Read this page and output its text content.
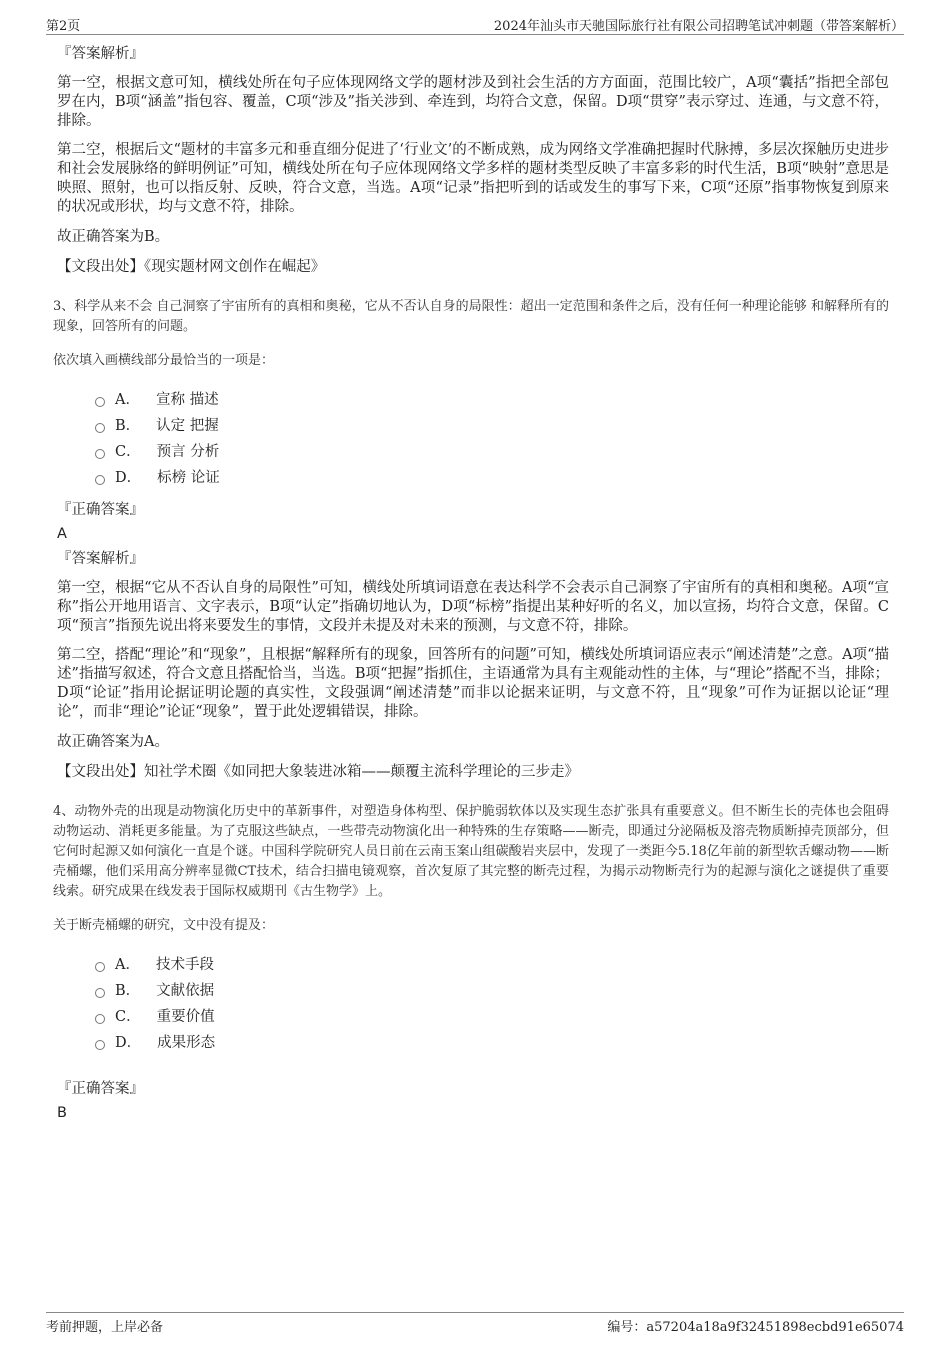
第2页	2024年汕头市天驰国际旅行社有限公司招聘笔试冲刺题（带答案解析）
『答案解析』
第一空，根据文意可知，横线处所在句子应体现网络文学的题材涉及到社会生活的方方面面，范围比较广，A项“囊括”指把全部包罗在内，B项“涵盖”指包容、覆盖，C项“涉及”指关涉到、牵连到，均符合文意，保留。D项“贯穿”表示穿过、连通，与文意不符，排除。
第二空，根据后文“题材的丰富多元和垂直细分促进了‘行业文’的不断成熟，成为网络文学准确把握时代脉搏，多层次探触历史进步和社会发展脉络的鲜明例证”可知，横线处所在句子应体现网络文学多样的题材类型反映了丰富多彩的时代生活，B项“映射”意思是映照、照射，也可以指反射、反映，符合文意，当选。A项“记录”指把听到的话或发生的事写下来，C项“还原”指事物恢复到原来的状况或形状，均与文意不符，排除。
故正确答案为B。
【文段出处】《现实题材网文创作在崛起》
3、科学从来不会 自己洞察了宇宙所有的真相和奥秘，它从不否认自身的局限性：超出一定范围和条件之后，没有任何一种理论能够 和解释所有的现象，回答所有的问题。
依次填入画横线部分最恰当的一项是：
A． 宣称 描述
B． 认定 把握
C． 预言 分析
D． 标榜 论证
『正确答案』
A
『答案解析』
第一空，根据“它从不否认自身的局限性”可知，横线处所填词语意在表达科学不会表示自己洞察了宇宙所有的真相和奥秘。A项“宣称”指公开地用语言、文字表示，B项“认定”指确切地认为，D项“标榜”指提出某种好听的名义，加以宣扬，均符合文意，保留。C项“预言”指预先说出将来要发生的事情，文段并未提及对未来的预测，与文意不符，排除。
第二空，搭配“理论”和“现象”，且根据“解释所有的现象，回答所有的问题”可知，横线处所填词语应表示“阐述清楚”之意。A项“描述”指描写叙述，符合文意且搭配恰当，当选。B项“把握”指抓住，主语通常为具有主观能动性的主体，与“理论”搭配不当，排除；D项“论证”指用论据证明论题的真实性，文段强调“阐述清楚”而非以论据来证明，与文意不符，且“现象”可作为证据以论证“理论”，而非“理论”论证“现象”，置于此处逻辑错误，排除。
故正确答案为A。
【文段出处】知社学术圈《如同把大象装进冰箱——颠覆主流科学理论的三步走》
4、动物外壳的出现是动物演化历史中的革新事件，对塑造身体构型、保护脆弱软体以及实现生态扩张具有重要意义。但不断生长的壳体也会阻碍动物运动、消耗更多能量。为了克服这些缺点，一些带壳动物演化出一种特殊的生存策略——断壳，即通过分泌隔板及溶壳物质断掉壳顶部分，但它何时起源又如何演化一直是个谜。中国科学院研究人员日前在云南玉案山组碳酸岩夹层中，发现了一类距今5.18亿年前的新型软舌螺动物——断壳桶螺，他们采用高分辨率显微CT技术，结合扫描电镜观察，首次复原了其完整的断壳过程，为揭示动物断壳行为的起源与演化之谜提供了重要线索。研究成果在线发表于国际权威期刊《古生物学》上。
关于断壳桶螺的研究，文中没有提及：
A． 技术手段
B． 文献依据
C． 重要价值
D． 成果形态
『正确答案』
B
考前押题，上岸必备	编号：a57204a18a9f32451898ecbd91e65074
